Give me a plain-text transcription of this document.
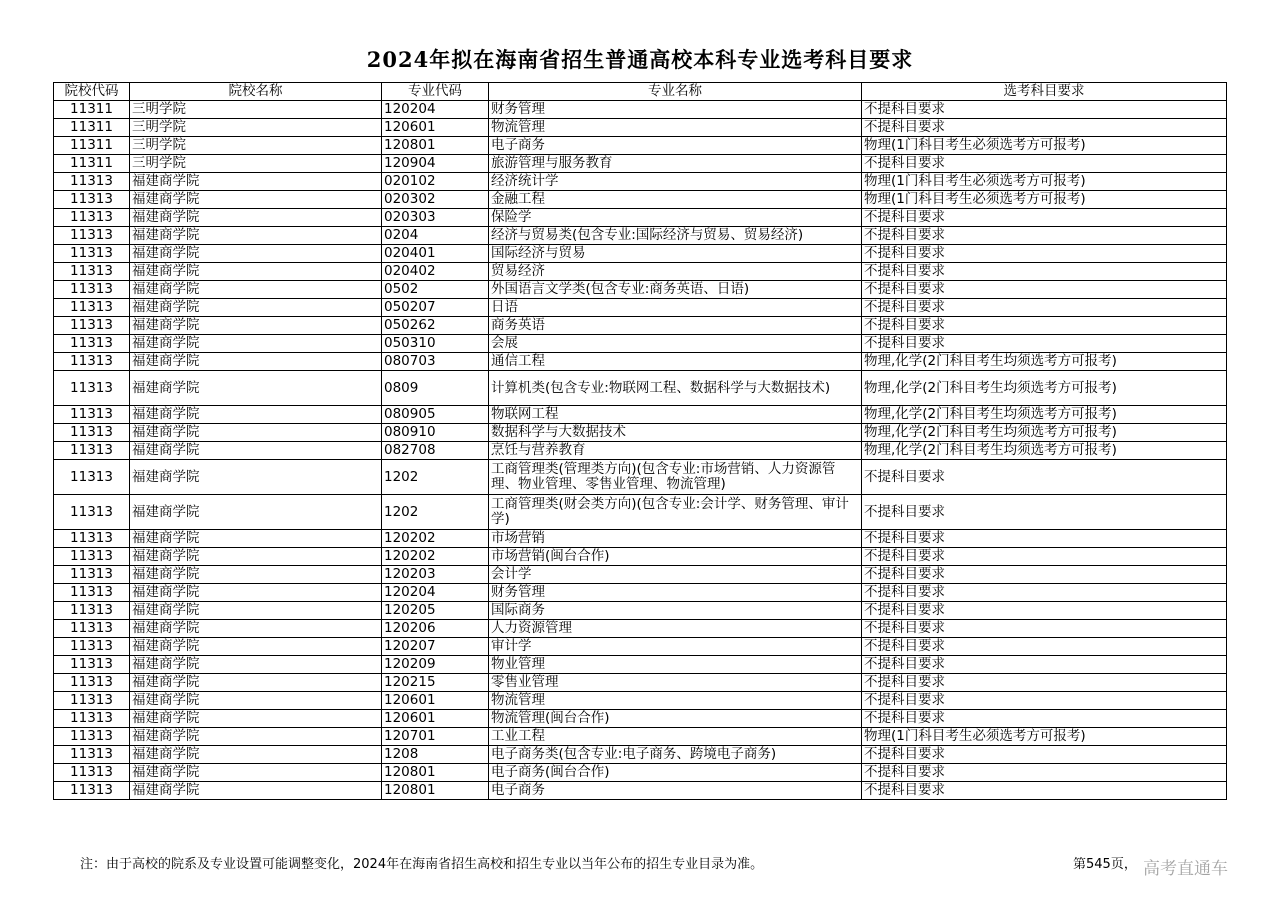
2024年拟在海南省招生普通高校本科专业选考科目要求
院校代码	院校名称	专业代码	专业名称	选考科目要求
11311	三明学院	120204	财务管理	不提科目要求
11311	三明学院	120601	物流管理	不提科目要求
11311	三明学院	120801	电子商务	物理(1门科目考生必须选考方可报考)
11311	三明学院	120904	旅游管理与服务教育	不提科目要求
11313	福建商学院	020102	经济统计学	物理(1门科目考生必须选考方可报考)
11313	福建商学院	020302	金融工程	物理(1门科目考生必须选考方可报考)
11313	福建商学院	020303	保险学	不提科目要求
11313	福建商学院	0204	经济与贸易类(包含专业:国际经济与贸易、贸易经济)	不提科目要求
11313	福建商学院	020401	国际经济与贸易	不提科目要求
11313	福建商学院	020402	贸易经济	不提科目要求
11313	福建商学院	0502	外国语言文学类(包含专业:商务英语、日语)	不提科目要求
11313	福建商学院	050207	日语	不提科目要求
11313	福建商学院	050262	商务英语	不提科目要求
11313	福建商学院	050310	会展	不提科目要求
11313	福建商学院	080703	通信工程	物理,化学(2门科目考生均须选考方可报考)
11313	福建商学院	0809	计算机类(包含专业:物联网工程、数据科学与大数据技术)	物理,化学(2门科目考生均须选考方可报考)
11313	福建商学院	080905	物联网工程	物理,化学(2门科目考生均须选考方可报考)
11313	福建商学院	080910	数据科学与大数据技术	物理,化学(2门科目考生均须选考方可报考)
11313	福建商学院	082708	烹饪与营养教育	物理,化学(2门科目考生均须选考方可报考)
11313	福建商学院	1202	工商管理类(管理类方向)(包含专业:市场营销、人力资源管理、物业管理、零售业管理、物流管理)	不提科目要求
11313	福建商学院	1202	工商管理类(财会类方向)(包含专业:会计学、财务管理、审计学)	不提科目要求
11313	福建商学院	120202	市场营销	不提科目要求
11313	福建商学院	120202	市场营销(闽台合作)	不提科目要求
11313	福建商学院	120203	会计学	不提科目要求
11313	福建商学院	120204	财务管理	不提科目要求
11313	福建商学院	120205	国际商务	不提科目要求
11313	福建商学院	120206	人力资源管理	不提科目要求
11313	福建商学院	120207	审计学	不提科目要求
11313	福建商学院	120209	物业管理	不提科目要求
11313	福建商学院	120215	零售业管理	不提科目要求
11313	福建商学院	120601	物流管理	不提科目要求
11313	福建商学院	120601	物流管理(闽台合作)	不提科目要求
11313	福建商学院	120701	工业工程	物理(1门科目考生必须选考方可报考)
11313	福建商学院	1208	电子商务类(包含专业:电子商务、跨境电子商务)	不提科目要求
11313	福建商学院	120801	电子商务(闽台合作)	不提科目要求
11313	福建商学院	120801	电子商务	不提科目要求
注：由于高校的院系及专业设置可能调整变化，2024年在海南省招生高校和招生专业以当年公布的招生专业目录为准。	第545页， 高考直通车
